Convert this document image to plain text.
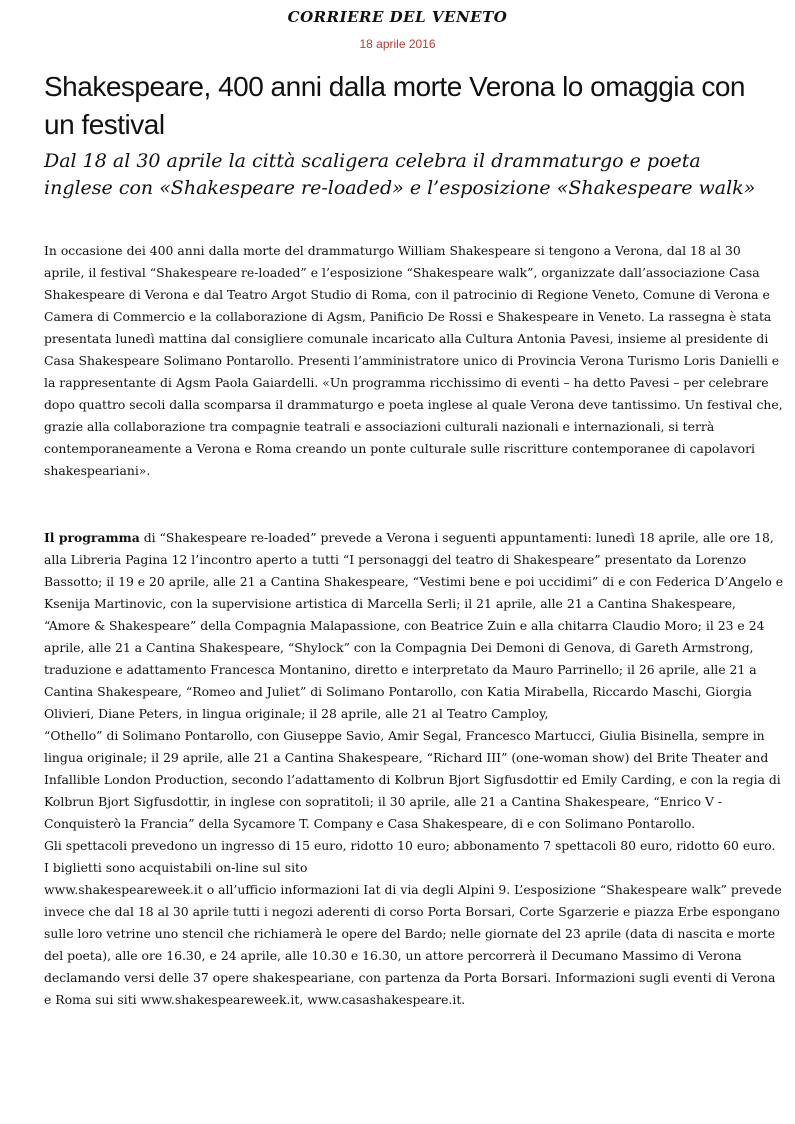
CORRIERE DEL VENETO
18 aprile 2016
Shakespeare, 400 anni dalla morte Verona lo omaggia con un festival
Dal 18 al 30 aprile la città scaligera celebra il drammaturgo e poeta inglese con «Shakespeare re-loaded» e l’esposizione «Shakespeare walk»

In occasione dei 400 anni dalla morte del drammaturgo William Shakespeare si tengono a Verona, dal 18 al 30 aprile, il festival “Shakespeare re-loaded” e l’esposizione “Shakespeare walk”, organizzate dall’associazione Casa Shakespeare di Verona e dal Teatro Argot Studio di Roma, con il patrocinio di Regione Veneto, Comune di Verona e Camera di Commercio e la collaborazione di Agsm, Panificio De Rossi e Shakespeare in Veneto. La rassegna è stata presentata lunedì mattina dal consigliere comunale incaricato alla Cultura Antonia Pavesi, insieme al presidente di Casa Shakespeare Solimano Pontarollo. Presenti l’amministratore unico di Provincia Verona Turismo Loris Danielli e la rappresentante di Agsm Paola Gaiardelli. «Un programma ricchissimo di eventi – ha detto Pavesi – per celebrare dopo quattro secoli dalla scomparsa il drammaturgo e poeta inglese al quale Verona deve tantissimo. Un festival che, grazie alla collaborazione tra compagnie teatrali e associazioni culturali nazionali e internazionali, si terrà contemporaneamente a Verona e Roma creando un ponte culturale sulle riscritture contemporanee di capolavori shakespeariani».

Il programma di “Shakespeare re-loaded” prevede a Verona i seguenti appuntamenti: lunedì 18 aprile, alle ore 18, alla Libreria Pagina 12 l’incontro aperto a tutti “I personaggi del teatro di Shakespeare” presentato da Lorenzo Bassotto; il 19 e 20 aprile, alle 21 a Cantina Shakespeare, “Vestimi bene e poi uccidimi” di e con Federica D’Angelo e Ksenija Martinovic, con la supervisione artistica di Marcella Serli; il 21 aprile, alle 21 a Cantina Shakespeare, “Amore & Shakespeare” della Compagnia Malapassione, con Beatrice Zuin e alla chitarra Claudio Moro; il 23 e 24 aprile, alle 21 a Cantina Shakespeare, “Shylock” con la Compagnia Dei Demoni di Genova, di Gareth Armstrong, traduzione e adattamento Francesca Montanino, diretto e interpretato da Mauro Parrinello; il 26 aprile, alle 21 a Cantina Shakespeare, “Romeo and Juliet” di Solimano Pontarollo, con Katia Mirabella, Riccardo Maschi, Giorgia Olivieri, Diane Peters, in lingua originale; il 28 aprile, alle 21 al Teatro Camploy,
“Othello” di Solimano Pontarollo, con Giuseppe Savio, Amir Segal, Francesco Martucci, Giulia Bisinella, sempre in lingua originale; il 29 aprile, alle 21 a Cantina Shakespeare, “Richard III” (one-woman show) del Brite Theater and Infallible London Production, secondo l’adattamento di Kolbrun Bjort Sigfusdottir ed Emily Carding, e con la regia di Kolbrun Bjort Sigfusdottir, in inglese con sopratitoli; il 30 aprile, alle 21 a Cantina Shakespeare, “Enrico V - Conquisterò la Francia” della Sycamore T. Company e Casa Shakespeare, di e con Solimano Pontarollo.
Gli spettacoli prevedono un ingresso di 15 euro, ridotto 10 euro; abbonamento 7 spettacoli 80 euro, ridotto 60 euro. I biglietti sono acquistabili on-line sul sito
www.shakespeareweek.it o all’ufficio informazioni Iat di via degli Alpini 9. L’esposizione “Shakespeare walk” prevede invece che dal 18 al 30 aprile tutti i negozi aderenti di corso Porta Borsari, Corte Sgarzerie e piazza Erbe espongano sulle loro vetrine uno stencil che richiamerà le opere del Bardo; nelle giornate del 23 aprile (data di nascita e morte del poeta), alle ore 16.30, e 24 aprile, alle 10.30 e 16.30, un attore percorrerà il Decumano Massimo di Verona declamando versi delle 37 opere shakespeariane, con partenza da Porta Borsari. Informazioni sugli eventi di Verona e Roma sui siti www.shakespeareweek.it, www.casashakespeare.it.
